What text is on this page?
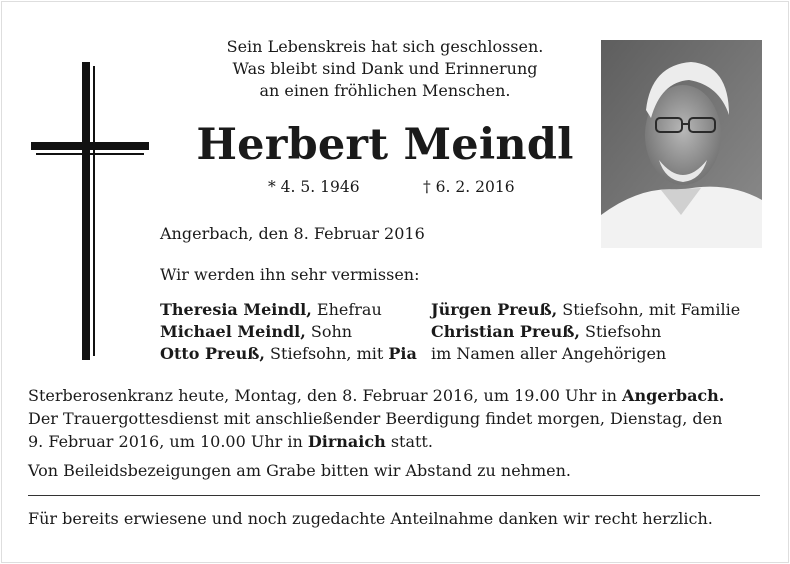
Sein Lebenskreis hat sich geschlossen.
Was bleibt sind Dank und Erinnerung
an einen fröhlichen Menschen.
Herbert Meindl
* 4. 5. 1946	† 6. 2. 2016
Angerbach, den 8. Februar 2016
Wir werden ihn sehr vermissen:
Theresia Meindl, Ehefrau
Michael Meindl, Sohn
Otto Preuß, Stiefsohn, mit Pia
Jürgen Preuß, Stiefsohn, mit Familie
Christian Preuß, Stiefsohn
im Namen aller Angehörigen
Sterberosenkranz heute, Montag, den 8. Februar 2016, um 19.00 Uhr in Angerbach.
Der Trauergottesdienst mit anschließender Beerdigung findet morgen, Dienstag, den
9. Februar 2016, um 10.00 Uhr in Dirnaich statt.
Von Beileidsbezeigungen am Grabe bitten wir Abstand zu nehmen.
Für bereits erwiesene und noch zugedachte Anteilnahme danken wir recht herzlich.
